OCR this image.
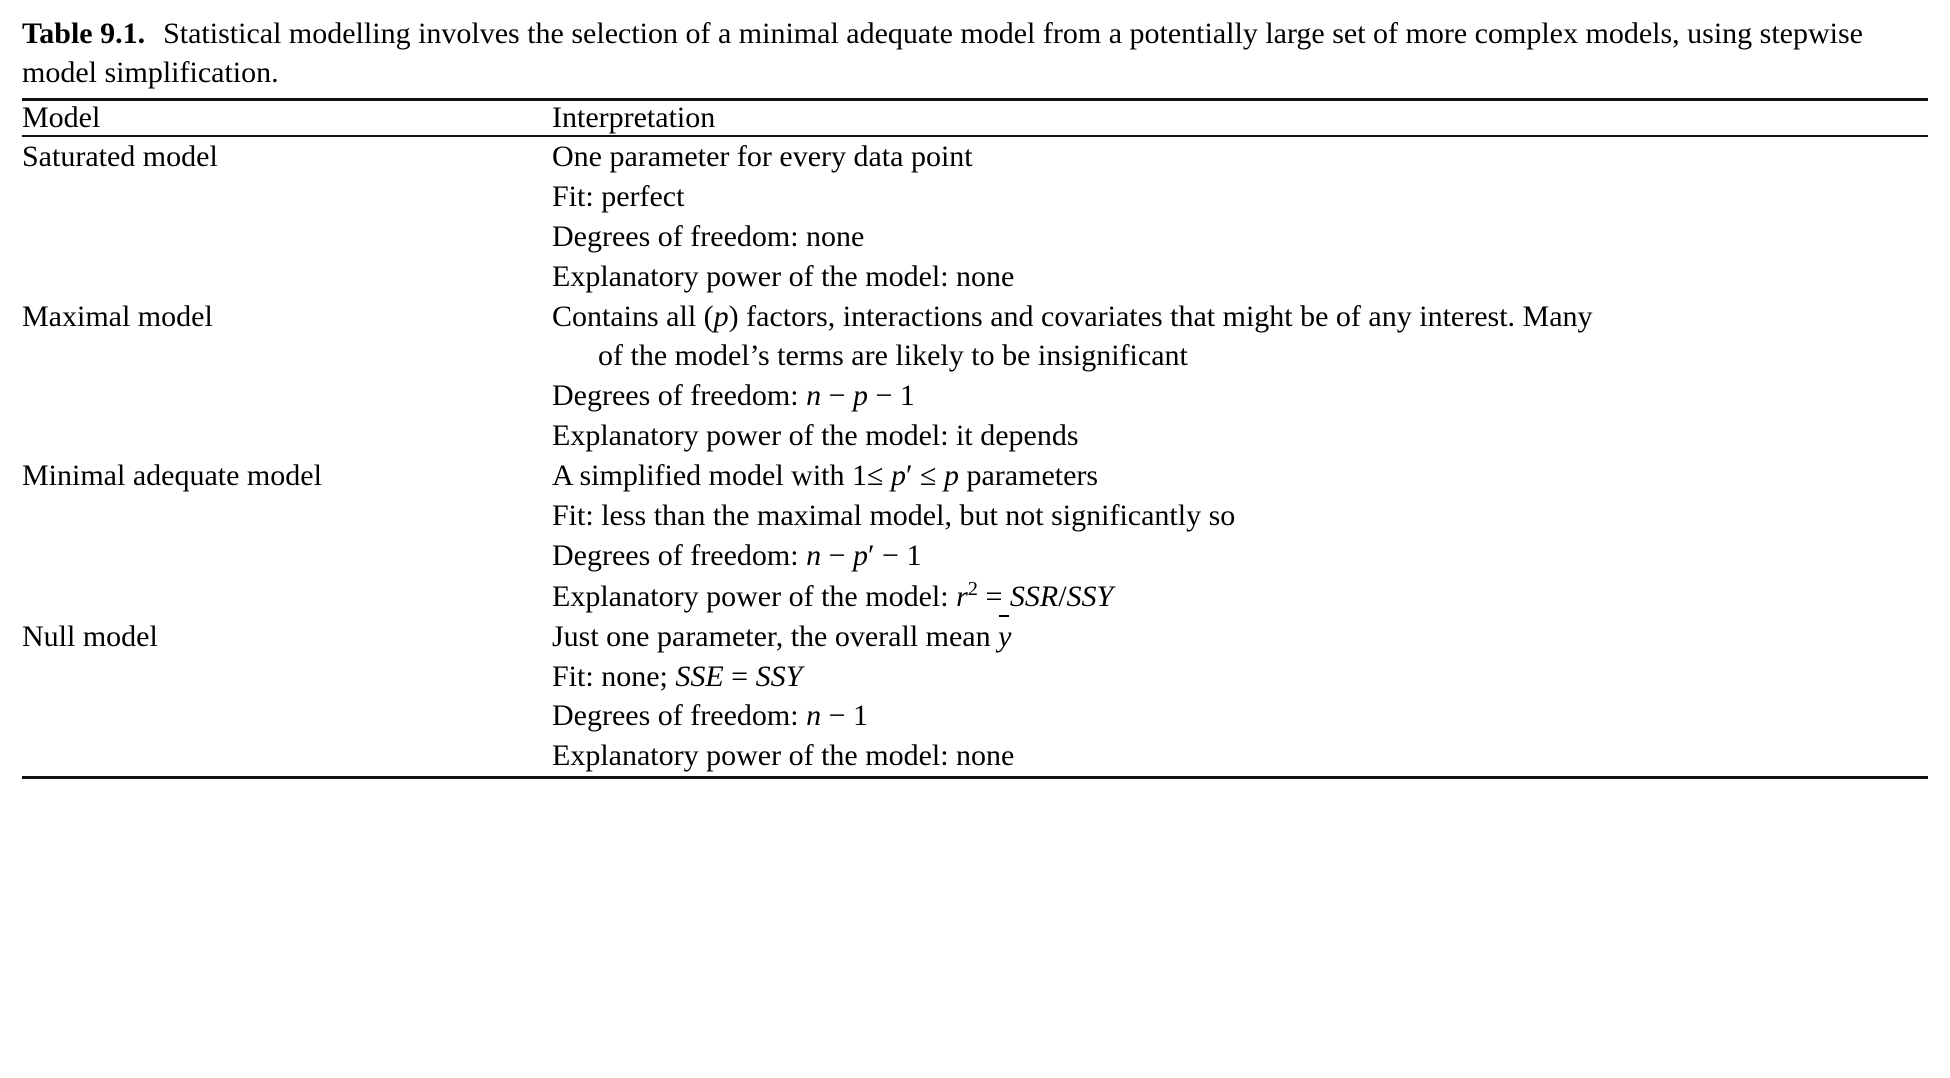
Table 9.1. Statistical modelling involves the selection of a minimal adequate model from a potentially large set of more complex models, using stepwise model simplification.
Model	Interpretation
Saturated model	One parameter for every data point
Fit: perfect
Degrees of freedom: none
Explanatory power of the model: none

Maximal model	Contains all (p) factors, interactions and covariates that might be of any interest. Many
of the model’s terms are likely to be insignificant
Degrees of freedom: n − p − 1
Explanatory power of the model: it depends

Minimal adequate model	A simplified model with 1≤ p′ ≤ p parameters
Fit: less than the maximal model, but not significantly so
Degrees of freedom: n − p′ − 1
Explanatory power of the model: $r^2 = SSR/SSY$

Null model	Just one parameter, the overall mean y
Fit: none; SSE = SSY
Degrees of freedom: n − 1
Explanatory power of the model: none
